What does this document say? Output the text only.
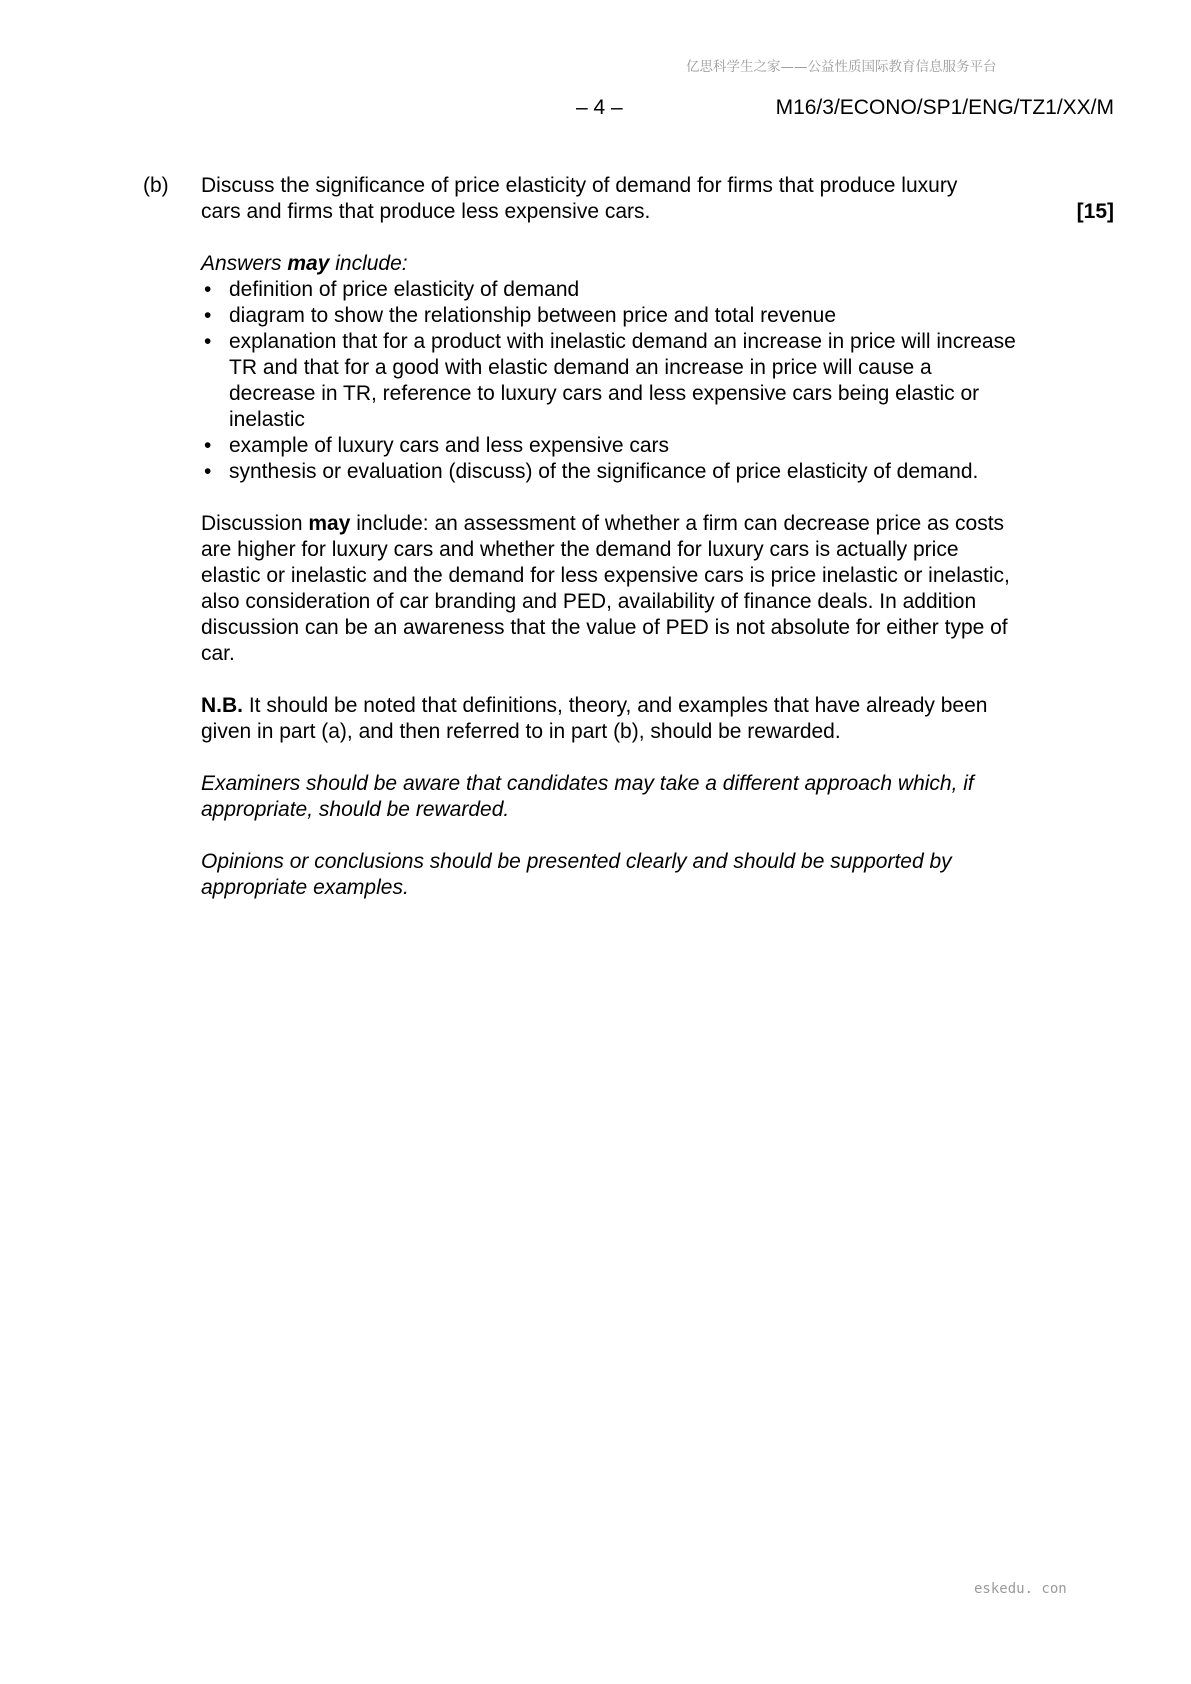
亿思科学生之家——公益性质国际教育信息服务平台
– 4 –	M16/3/ECONO/SP1/ENG/TZ1/XX/M
(b) Discuss the significance of price elasticity of demand for firms that produce luxury cars and firms that produce less expensive cars.	[15]
Answers may include:
• definition of price elasticity of demand
• diagram to show the relationship between price and total revenue
• explanation that for a product with inelastic demand an increase in price will increase TR and that for a good with elastic demand an increase in price will cause a decrease in TR, reference to luxury cars and less expensive cars being elastic or inelastic
• example of luxury cars and less expensive cars
• synthesis or evaluation (discuss) of the significance of price elasticity of demand.
Discussion may include: an assessment of whether a firm can decrease price as costs are higher for luxury cars and whether the demand for luxury cars is actually price elastic or inelastic and the demand for less expensive cars is price inelastic or inelastic, also consideration of car branding and PED, availability of finance deals. In addition discussion can be an awareness that the value of PED is not absolute for either type of car.
N.B. It should be noted that definitions, theory, and examples that have already been given in part (a), and then referred to in part (b), should be rewarded.
Examiners should be aware that candidates may take a different approach which, if appropriate, should be rewarded.
Opinions or conclusions should be presented clearly and should be supported by appropriate examples.
eskedu. con
